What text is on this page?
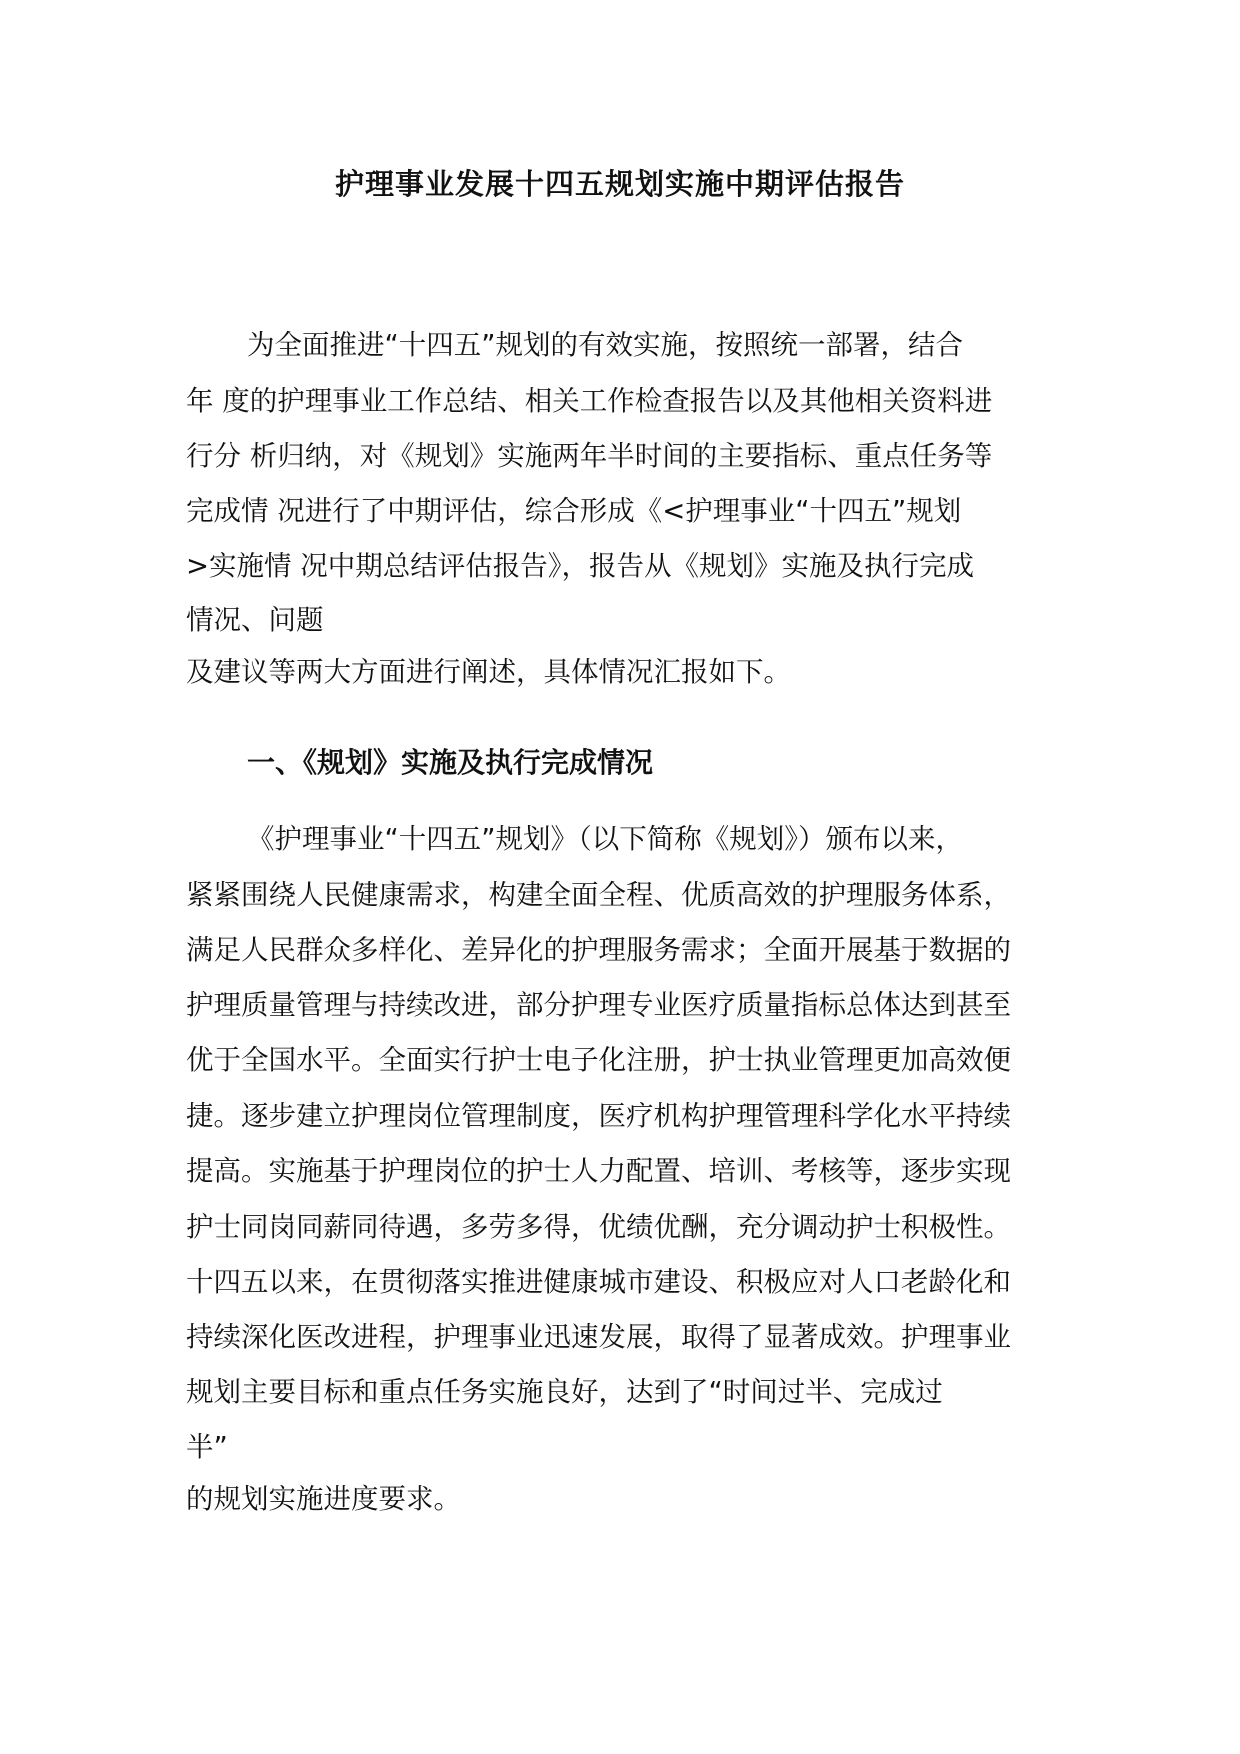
护理事业发展十四五规划实施中期评估报告
为全面推进“十四五”规划的有效实施，按照统一部署，结合
年 度的护理事业工作总结、相关工作检查报告以及其他相关资料进
行分 析归纳，对《规划》实施两年半时间的主要指标、重点任务等
完成情 况进行了中期评估，综合形成《<护理事业“十四五”规划
>实施情 况中期总结评估报告》，报告从《规划》实施及执行完成
情况、问题
及建议等两大方面进行阐述，具体情况汇报如下。
一、《规划》实施及执行完成情况
《护理事业“十四五”规划》（以下简称《规划》）颁布以来，
紧紧围绕人民健康需求，构建全面全程、优质高效的护理服务体系，
满足人民群众多样化、差异化的护理服务需求；全面开展基于数据的
护理质量管理与持续改进，部分护理专业医疗质量指标总体达到甚至
优于全国水平。全面实行护士电子化注册，护士执业管理更加高效便
捷。逐步建立护理岗位管理制度，医疗机构护理管理科学化水平持续
提高。实施基于护理岗位的护士人力配置、培训、考核等，逐步实现
护士同岗同薪同待遇，多劳多得，优绩优酬，充分调动护士积极性。
十四五以来，在贯彻落实推进健康城市建设、积极应对人口老龄化和
持续深化医改进程，护理事业迅速发展，取得了显著成效。护理事业
规划主要目标和重点任务实施良好，达到了“时间过半、完成过
半”
的规划实施进度要求。
